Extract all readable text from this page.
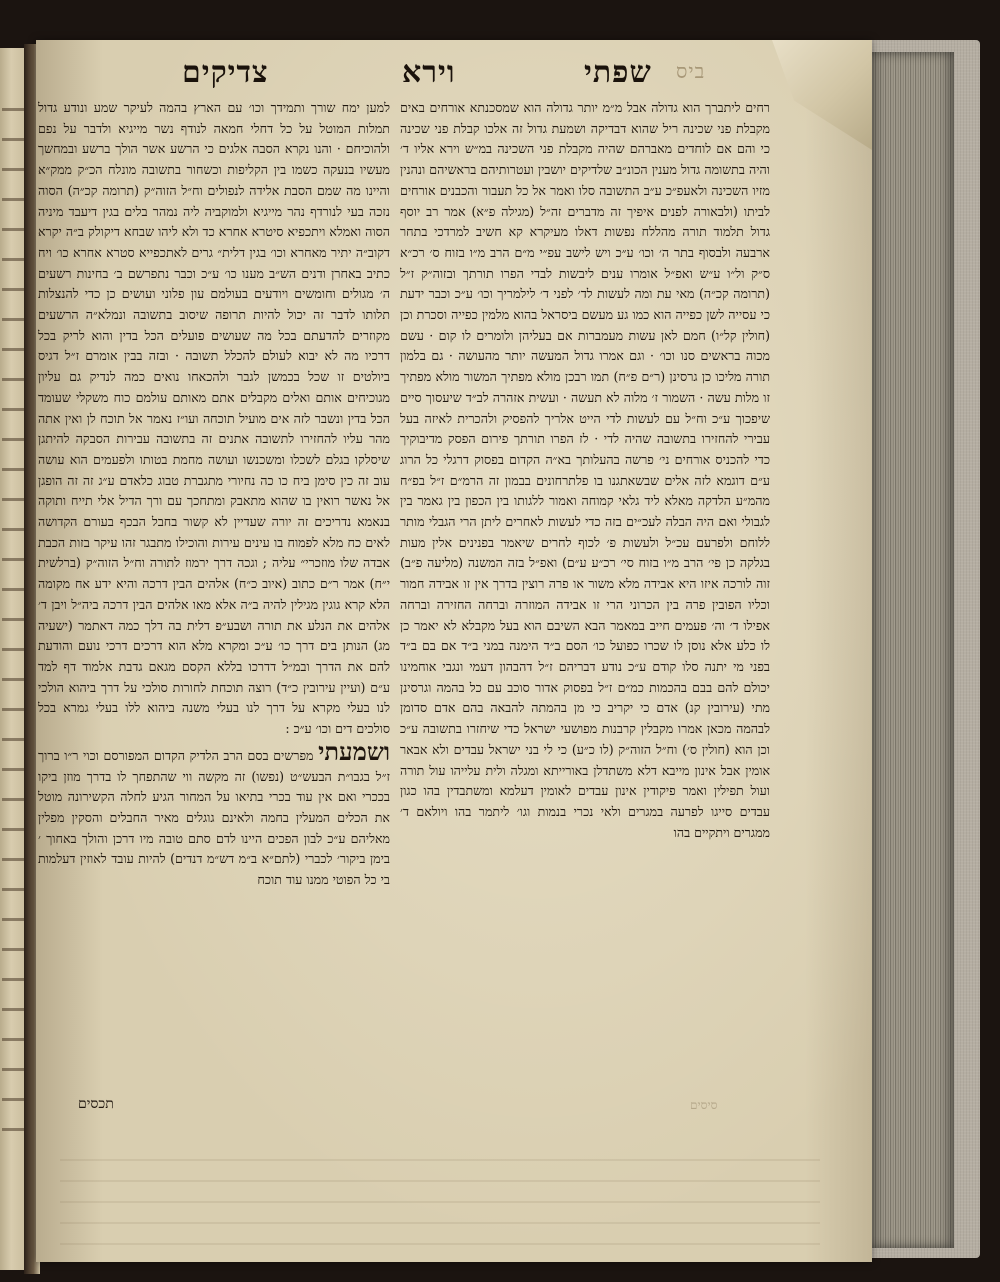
ביס
שפתי
וירא
צדיקים

רחים ליתברך הוא גדולה אבל מ״מ יותר גדולה הוא שמסכנתא אורחים באים מקבלת פני שכינה ריל שהוא דבדיקה ושמעת גדול זה אלכו קבלת פני שכינה כי והם אם לוחדים מאברהם שהיה מקבלת פני השכינה במ״ש וירא אליו ד׳ והיה בתשומה גדול מענין הכונ״ב שלדיקים יושבין ועטרותיהם בראשיהם ונהנין מזיו השכינה ולאעפ״כ ע״ב התשובה סלו ואמר אל כל תעבור והכבנים אורחים לביתו (ולבאורה לפנים איפיך זה מדברים זה״ל (מגילה פ״א) אמר רב יוסף גדול תלמוד תורה מהללח נפשות דאלו מעיקרא קא חשיב למרדכי בתחר ארבעה ולבסוף בתר ה׳ וכו׳ ע״כ ויש לישב עפ״י מ״ם הרב מ״ו בזוח ס׳ רכ״א ס״ק ול״ו ע״ש ואפ״ל אומרו ענים ליבשות לבדי הפרו תורתך ובזוה״ק ז״ל (תרומה קכ״ה) מאי עת ומה לעשות לד׳ לפני ד׳ לילמריך וכו׳ ע״כ וכבר ידעת כי עסייה לשן כפייה הוא כמו גע מעשם ביסראל בהוא מלמין כפייה וסכרת וכן (חולין קל״ו) חמם לאן עשות מעמברות אם בעליהן ולומרים לו קום · עשם מכוה בראשים סנו וכו׳ · וגם אמרו גדול המעשה יותר מהעושה · גם בלמון תורה מליכו כן גרסינן (ר״ם פ״ח) תמו רבכן מולא מפתיך המשור מולא מפתיך זו מלות עשה · השמור ז׳ מלוה לא תעשה · ועשית אזהרה לב״ד שיעסוך סיים שיפכוך ע״כ וח״ל עם לעשות לדי הייט אלריך להפסיק ולהכרית לאיזה בעל עבירי להחזירו בתשובה שהיה לדי · לז הפרו תורתך פירום הפסק מדיבוקיך כדי להכניס אורחים ני׳ פרשה בהעלותך בא״ה הקדום בפסוק דרגלי כל הרוג ע״ם דוגמא לזה אלים שבשאתגנו בו פלתרחונים בבמון זה הרמ״ם ז״ל בפ״ח מהמ״ע הלדקה מאלא ליד גלאי קמוחה ואמור ללגותו בין הכפון בין גאמר בין לגבולי ואם היה הבלה לעכ״ים בזה כדי לעשות לאחרים ליתן הרי הגבלי מותר ללוחם ולפרעם עכ״ל ולעשות פ׳ לכוף לחרים שיאמר בפנינים אלין מעות בגלקה כן פי׳ הרב מ״ו בזוח סי׳ רכ״ע ע״ם) ואפ״ל בזה המשנה (מליעה פ״ב) זוה לורכה איזו היא אבידה מלא משור או פרה רוצין בדרך אין זו אבידה חמור וכליו הפובין פרה בין הכרוני הרי זו אבידה המוזרה וברחה החזירה וברחה אפילו ד׳ וה׳ פעמים חייב במאמר הבא השיבם הוא בעל מקבלא לא יאמר כן לו כלע אלא נוסן לו שכרו כפועל כו׳ הסם ב״ד הימנה במני ב״ד אם בם ב״ד בפני מי יתנה סלו קודם ע״כ נודע דבריהם ז״ל דהבהון דעמי ונגבי אוחמינו יכולם להם בבם בהכמות כמ״ם ז״ל בפסוק אדור סוכב עם כל בהמה וגרסינן מתי (עירובין קנ) אדם כי יקריב כי מן בהמתה להבאה בהם אדם סדומן לבהמה מכאן אמרו מקבלין קרבנות מפושעי ישראל כדי שיחזרו בתשובה ע״כ וכן הוא (חולין ס׳) וח״ל הזוה״ק (לו כ״ע) כי לי בני ישראל עבדים ולא אבאר אומין אבל אינון מייבא דלא משתדלן באורייתא ומגלה ולית עלייהו עול תורה ועול תפילין ואמר פיקודין אינון עבדים לאומין דעלמא ומשתבדין בהו כגון עבדים סייגו לפרעה במגרים ולאי נכרי בנמות וגו׳ ליתמר בהו ויולאם ד׳ ממגרים ויתקיים בהו

למען ימח שורך ותמידך וכו׳ עם הארץ בהמה לעיקר שמע ונודע גדול תמלות המוטל על כל דחלי חמאה לנודף נשר מייגיא ולדבר על נפם ולהוכיחם · והנו נקרא הסבה אלגים כי הרשע אשר הולך ברשע ובמחשך מעשיו בנעקה כשמו בין הקליפות וכשחור בתשובה מונלח הכ״ק ממק״א והיינו מה שמם הסבת אלידה לנפולים וח״ל הזוה״ק (תרומה קכ״ה) הסוה נזכה בעי לנורדף נהר מייגיא ולמוקביה ליה נמהר בלים בגין דיעבד מיניה הסוה ואמלא ויתכפיא סיטרא אחרא כד ולא ליהו שבחא דיקולק ב״ה יקרא דקוב״ה יתיר מאחרא וכו׳ בגין דלית״ גרים לאתכפייא סטרא אחרא כו׳ ויח כתיב באחרן ודנים הש״ב מענו כו׳ ע״כ וכבר נתפרשם ב׳ בחינות רשעים ה׳ מגולים וחומשים ויודעים בעולמם עון פלוני ועושים כן כדי להנצלות תלותו לדבר זה יכול להיות תרופה שיסוב בתשובה ונמלא״ה הרשעים מקוזרים להדעתם בכל מה שעושים פועלים הכל בדין והוא לריק בכל דרכיו מה לא יבוא לעולם להכלל תשובה · ובזה בבין אומרם ז״ל דגיס ביולטים זו שכל בכמשן לגבר ולהכאחו נואים כמה לנדיק גם עליון מגוכיחים אותם ואלים מקבלים אתם מאותם עולמם כוח משקלי שעומד הכל בדין ונשבר לזה אים מועיל תוכחה ועו״ז נאמר אל תוכח לן ואין אתה מהר עליו להחזירו לתשובה אתנים זה בתשובה עבירות הסבקה להיתגן שיסלקו בגלם לשכלו ומשכנשו ועושה מחמת בטותו ולפעמים הוא עושה עוב זה כין סימן ביח כו כה נחיורי מתגברת טבוג כלאדם ע״ג זה זה הופגן אל נאשר רואין בו שהוא מתאבק ומתחכך עם ורך הדיל אלי תייח ותוקה בנאמא נדריכים זה יורה שעדיין לא קשור בחבל הבכף בעורם הקדושה לאים כח מלא לפמוח בו עינים עירות והוכילו מתבגר זהו עיקר בזות הכבת אבדה שלו מוזכרי״ עליה ; וגכה דרך ירמוז לתורה וח״ל הזוה״ק (ברלשית י״ח) אמר ר״ם כתוב (איוב כ״ח) אלהים הבין דרכה והיא ידע אח מקומה הלא קרא גוגין מגילין להיה ב״ה אלא מאו אלהים הבין דרכה ביה״ל ויבן ד׳ אלהים את הנלע את תורה ושבע״פ דלית בה דלך כמה דאתמר (ישעיה מג) הנותן בים דרך כו׳ ע״כ ומקרא מלא הוא דרכים דרכי נועם והודעת להם את הדרך ובמ״ל דדרכו בללא הקסם מגאם גדבת אלמוד דף למד ע״ם (ועיין עירובין כ״ד) רוצה תוכחת לחורות סולכי על דרך ביהוא הולכי לנו בעלי מקרא על דרך לנו בעלי משנה ביהוא ללו בעלי גמרא בכל סולכים דים וכו׳ ע״כ :

ושמעתי מפרשים בסם הרב הלדיק הקדום המפורסם וכוי ר״ו ברוך ז״ל בגבו״ת הבעש״ט (נפשו) זה מקשה ווי שהתפחך לו בדרך מוזן ביקו בככרי ואם אין עוד בכרי בתיאו על המחור הגיע לחלה הקשירונה מוטל את הכלים המעלין בחמה ולאינם גוגלים מאיר החבלים והסקין מפלין מאליהם ע״כ לבון הפכים היינו לדם סתם טובה מיו דרכן והולך באחוך ׳ בימן ביקור׳ לכברי (לתם״א ב״מ דש״מ דנדים) להיות עובד לאוזין דעלמות בי כל הפוטי ממנו עוד תוכח

סיסים
תכסים
